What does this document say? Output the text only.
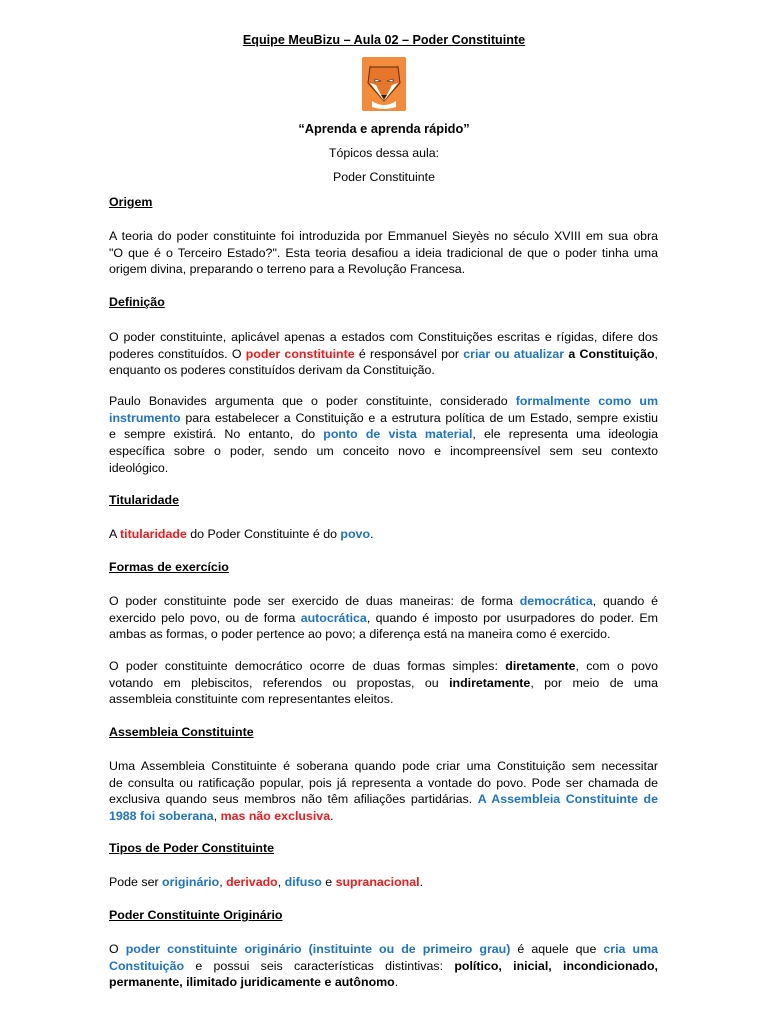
Equipe MeuBizu – Aula 02 – Poder Constituinte
“Aprenda e aprenda rápido”
Tópicos dessa aula:
Poder Constituinte
Origem
A teoria do poder constituinte foi introduzida por Emmanuel Sieyès no século XVIII em sua obra
"O que é o Terceiro Estado?". Esta teoria desafiou a ideia tradicional de que o poder tinha uma
origem divina, preparando o terreno para a Revolução Francesa.
Definição
O poder constituinte, aplicável apenas a estados com Constituições escritas e rígidas, difere dos
poderes constituídos. O poder constituinte é responsável por criar ou atualizar a Constituição,
enquanto os poderes constituídos derivam da Constituição.
Paulo Bonavides argumenta que o poder constituinte, considerado formalmente como um
instrumento para estabelecer a Constituição e a estrutura política de um Estado, sempre existiu
e sempre existirá. No entanto, do ponto de vista material, ele representa uma ideologia
específica sobre o poder, sendo um conceito novo e incompreensível sem seu contexto
ideológico.
Titularidade
A titularidade do Poder Constituinte é do povo.
Formas de exercício
O poder constituinte pode ser exercido de duas maneiras: de forma democrática, quando é
exercido pelo povo, ou de forma autocrática, quando é imposto por usurpadores do poder. Em
ambas as formas, o poder pertence ao povo; a diferença está na maneira como é exercido.
O poder constituinte democrático ocorre de duas formas simples: diretamente, com o povo
votando em plebiscitos, referendos ou propostas, ou indiretamente, por meio de uma
assembleia constituinte com representantes eleitos.
Assembleia Constituinte
Uma Assembleia Constituinte é soberana quando pode criar uma Constituição sem necessitar
de consulta ou ratificação popular, pois já representa a vontade do povo. Pode ser chamada de
exclusiva quando seus membros não têm afiliações partidárias. A Assembleia Constituinte de
1988 foi soberana, mas não exclusiva.
Tipos de Poder Constituinte
Pode ser originário, derivado, difuso e supranacional.
Poder Constituinte Originário
O poder constituinte originário (instituinte ou de primeiro grau) é aquele que cria uma
Constituição e possui seis características distintivas: político, inicial, incondicionado,
permanente, ilimitado juridicamente e autônomo.
